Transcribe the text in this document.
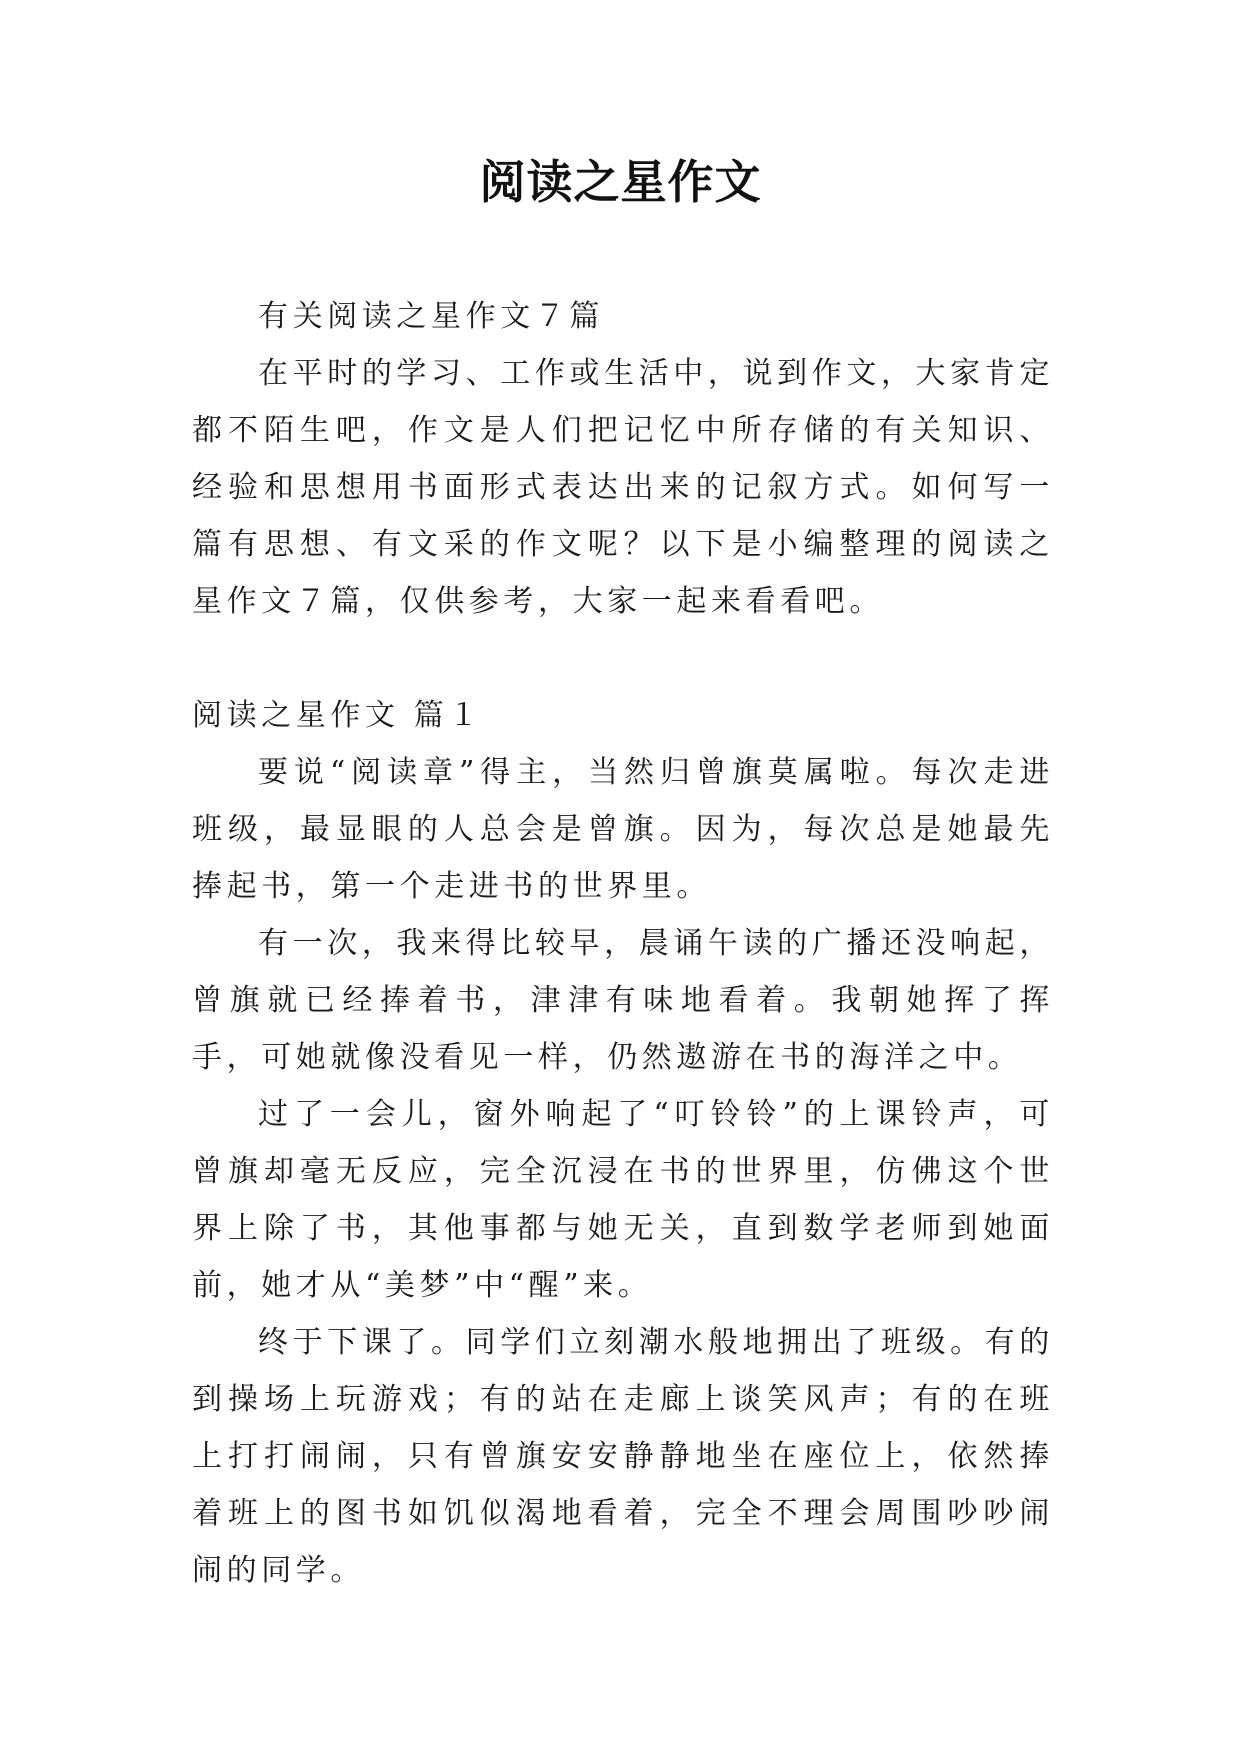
阅读之星作文

有关阅读之星作文７篇

在平时的学习、工作或生活中，说到作文，大家肯定都不陌生吧，作文是人们把记忆中所存储的有关知识、经验和思想用书面形式表达出来的记叙方式。如何写一篇有思想、有文采的作文呢？以下是小编整理的阅读之星作文７篇，仅供参考，大家一起来看看吧。

阅读之星作文 篇１

要说“阅读章”得主，当然归曾旗莫属啦。每次走进班级，最显眼的人总会是曾旗。因为，每次总是她最先捧起书，第一个走进书的世界里。

有一次，我来得比较早，晨诵午读的广播还没响起，曾旗就已经捧着书，津津有味地看着。我朝她挥了挥手，可她就像没看见一样，仍然遨游在书的海洋之中。

过了一会儿，窗外响起了“叮铃铃”的上课铃声，可曾旗却毫无反应，完全沉浸在书的世界里，仿佛这个世界上除了书，其他事都与她无关，直到数学老师到她面前，她才从“美梦”中“醒”来。

终于下课了。同学们立刻潮水般地拥出了班级。有的到操场上玩游戏；有的站在走廊上谈笑风声；有的在班上打打闹闹，只有曾旗安安静静地坐在座位上，依然捧着班上的图书如饥似渴地看着，完全不理会周围吵吵闹闹的同学。
